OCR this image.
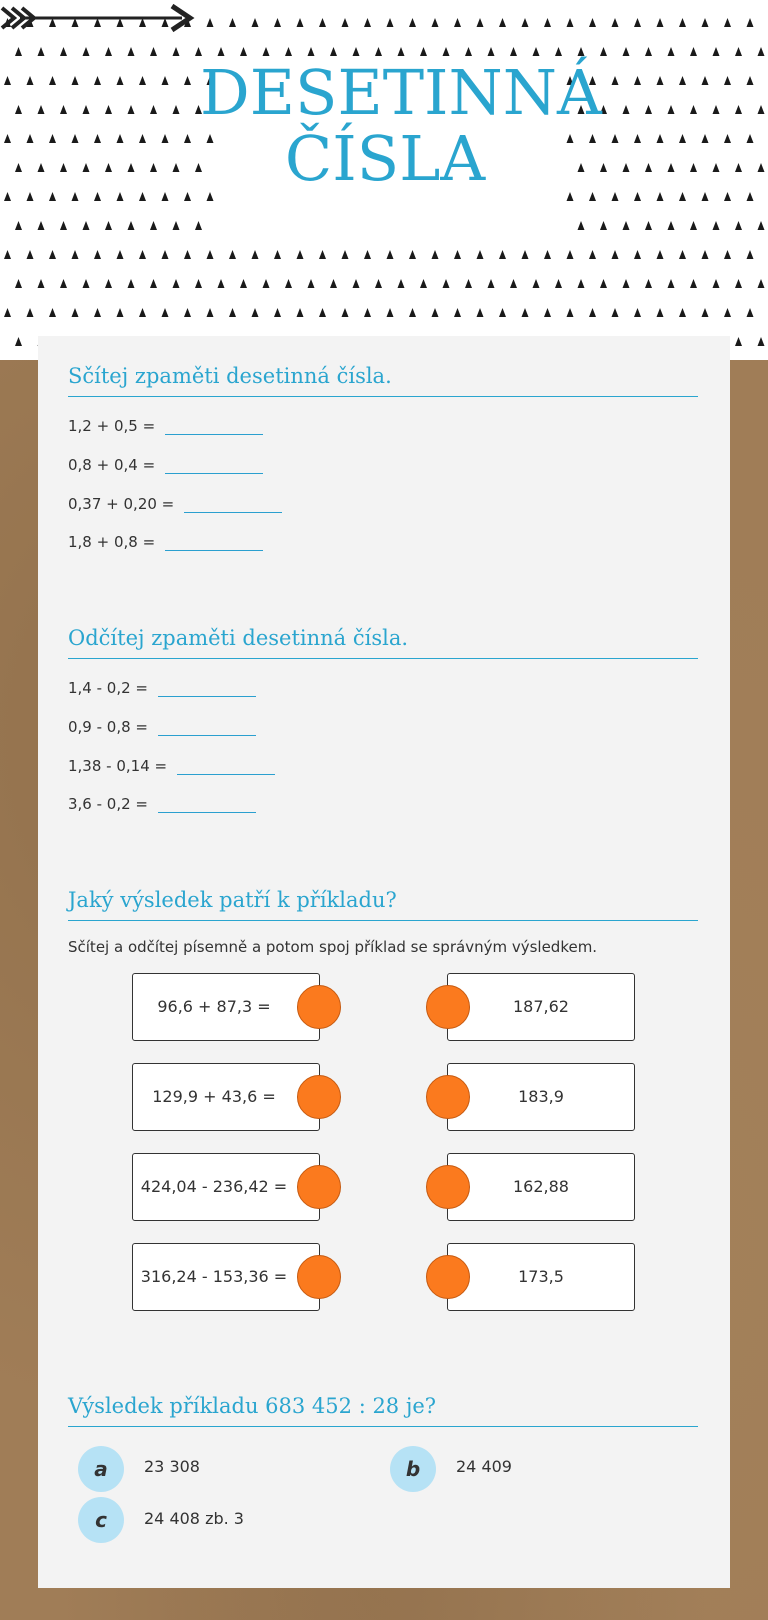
DESETINNÁ
ČÍSLA
Sčítej zpaměti desetinná čísla.
1,2 + 0,5 =
0,8 + 0,4 =
0,37 + 0,20 =
1,8 + 0,8 =
Odčítej zpaměti desetinná čísla.
1,4 - 0,2 =
0,9 - 0,8 =
1,38 - 0,14 =
3,6 - 0,2 =
Jaký výsledek patří k příkladu?
Sčítej a odčítej písemně a potom spoj příklad se správným výsledkem.
96,6 + 87,3 =
129,9 + 43,6 =
424,04 - 236,42 =
316,24 - 153,36 =
187,62
183,9
162,88
173,5
Výsledek příkladu 683 452 : 28 je?
a	23 308	b	24 409
c	24 408 zb. 3
